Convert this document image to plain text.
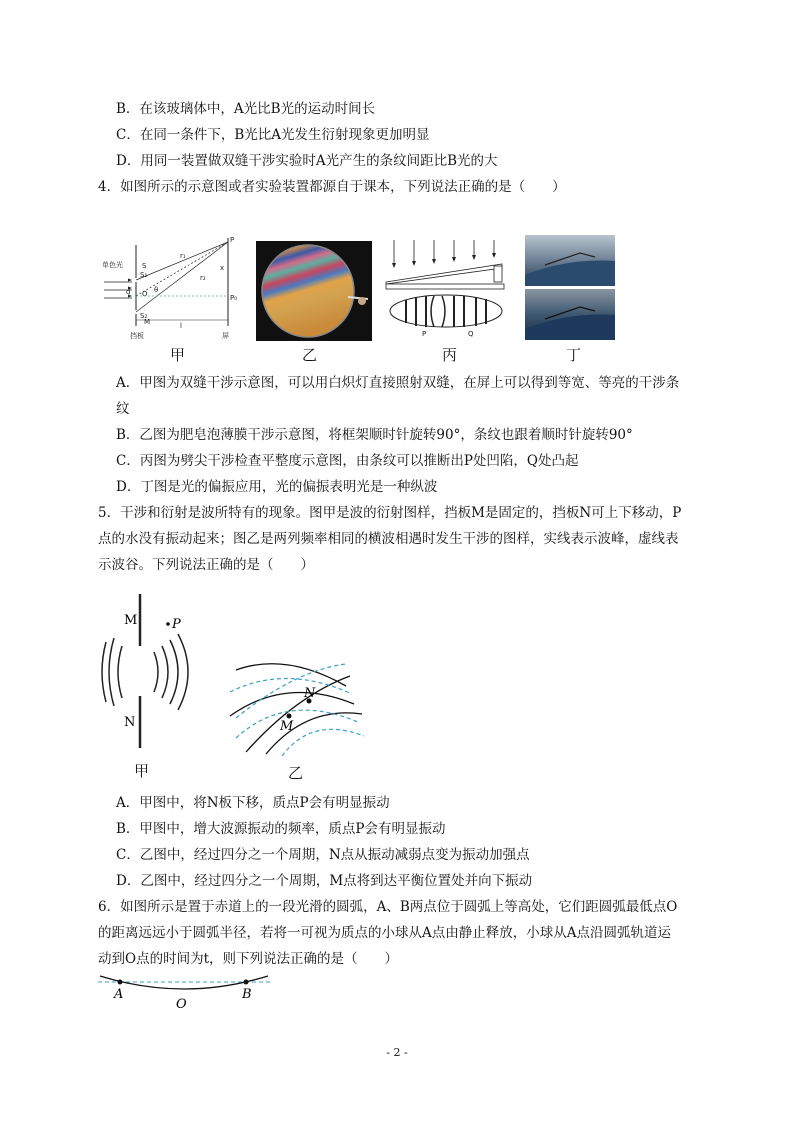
B．在该玻璃体中，A光比B光的运动时间长
C．在同一条件下，B光比A光发生衍射现象更加明显
D．用同一装置做双缝干涉实验时A光产生的条纹间距比B光的大
4．如图所示的示意图或者实验装置都源自于课本，下列说法正确的是（　　）
单色光
S₁
S₂
S
d O θ
r₁
r₂
P
P₀
x
M	l
挡板	屏
甲	乙
P	Q
丙	丁
A．甲图为双缝干涉示意图，可以用白炽灯直接照射双缝，在屏上可以得到等宽、等亮的干涉条
纹
B．乙图为肥皂泡薄膜干涉示意图，将框架顺时针旋转90°，条纹也跟着顺时针旋转90°
C．丙图为劈尖干涉检查平整度示意图，由条纹可以推断出P处凹陷，Q处凸起
D．丁图是光的偏振应用，光的偏振表明光是一种纵波
5．干涉和衍射是波所特有的现象。图甲是波的衍射图样，挡板M是固定的，挡板N可上下移动，P
点的水没有振动起来；图乙是两列频率相同的横波相遇时发生干涉的图样，实线表示波峰，虚线表
示波谷。下列说法正确的是（　　）
M
N
P
甲
M
N
乙
A．甲图中，将N板下移，质点P会有明显振动
B．甲图中，增大波源振动的频率，质点P会有明显振动
C．乙图中，经过四分之一个周期，N点从振动减弱点变为振动加强点
D．乙图中，经过四分之一个周期，M点将到达平衡位置处并向下振动
6．如图所示是置于赤道上的一段光滑的圆弧，A、B两点位于圆弧上等高处，它们距圆弧最低点O
的距离远远小于圆弧半径，若将一可视为质点的小球从A点由静止释放，小球从A点沿圆弧轨道运
动到O点的时间为t，则下列说法正确的是（　　）
A	B
O
- 2 -
